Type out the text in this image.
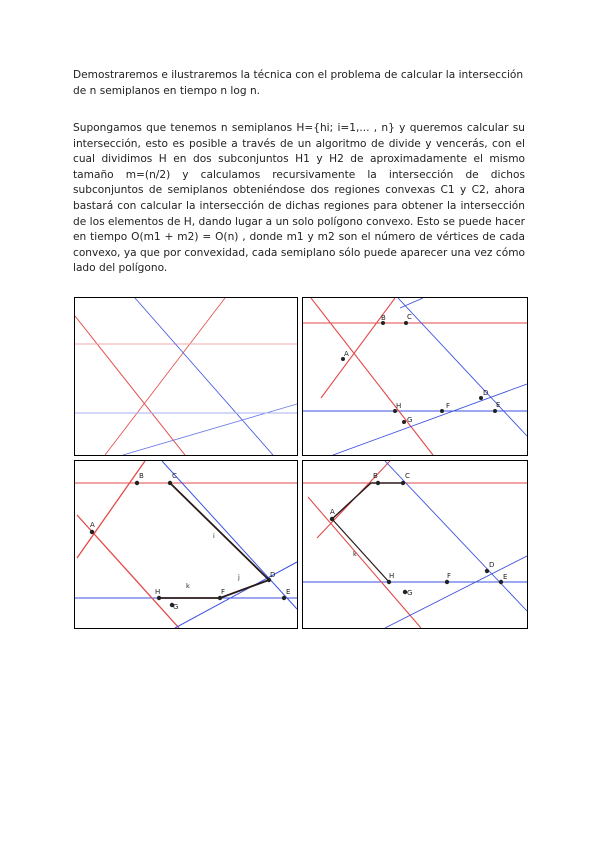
Demostraremos e ilustraremos la técnica con el problema de calcular la intersección de n semiplanos en tiempo n log n.
Supongamos que tenemos n semiplanos H={hi; i=1,... , n} y queremos calcular su intersección, esto es posible a través de un algoritmo de divide y vencerás, con el cual dividimos H en dos subconjuntos H1 y H2 de aproximadamente el mismo tamaño m=(n/2) y calculamos recursivamente la intersección de dichos subconjuntos de semiplanos obteniéndose dos regiones convexas C1 y C2, ahora bastará con calcular la intersección de dichas regiones para obtener la intersección de los elementos de H, dando lugar a un solo polígono convexo. Esto se puede hacer en tiempo O(m1 + m2) = O(n) , donde m1 y m2 son el número de vértices de cada convexo, ya que por convexidad, cada semiplano sólo puede aparecer una vez cómo lado del polígono.
A
B	C
D
E
F
G
H
A
B	C
D
E
F
G
H
i
j
k
A
B	C
D
E
F
G
H
k
